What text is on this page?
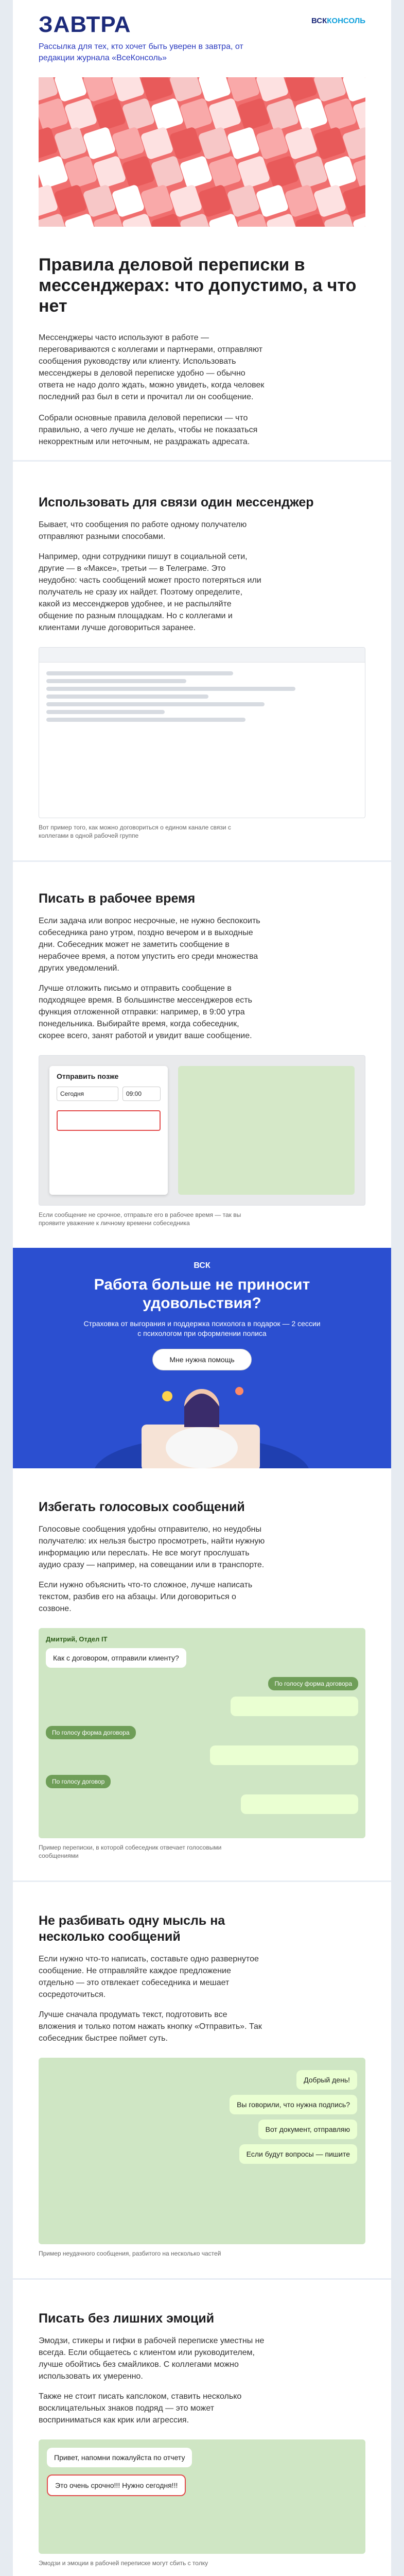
ЗАВТРА	ВСККОНСОЛЬ
Рассылка для тех, кто хочет быть уверен в завтра, от редакции журнала «ВсеКонсоль»
Правила деловой переписки в мессенджерах: что допустимо, а что нет

Мессенджеры часто используют в работе — переговариваются с коллегами и партнерами, отправляют сообщения руководству или клиенту. Использовать мессенджеры в деловой переписке удобно — обычно ответа не надо долго ждать, можно увидеть, когда человек последний раз был в сети и прочитал ли он сообщение.

Собрали основные правила деловой переписки — что правильно, а чего лучше не делать, чтобы не показаться некорректным или неточным, не раздражать адресата.

Использовать для связи один мессенджер

Бывает, что сообщения по работе одному получателю отправляют разными способами.

Например, одни сотрудники пишут в социальной сети, другие — в «Максе», третьи — в Телеграме. Это неудобно: часть сообщений может просто потеряться или получатель не сразу их найдет. Поэтому определите, какой из мессенджеров удобнее, и не распыляйте общение по разным площадкам. Но с коллегами и клиентами лучше договориться заранее.

Вот пример того, как можно договориться о едином канале связи с коллегами в одной рабочей группе

Писать в рабочее время

Если задача или вопрос несрочные, не нужно беспокоить собеседника рано утром, поздно вечером и в выходные дни. Собеседник может не заметить сообщение в нерабочее время, а потом упустить его среди множества других уведомлений.

Лучше отложить письмо и отправить сообщение в подходящее время. В большинстве мессенджеров есть функция отложенной отправки: например, в 9:00 утра понедельника. Выбирайте время, когда собеседник, скорее всего, занят работой и увидит ваше сообщение.

Отправить позже
Сегодня	09:00

Если сообщение не срочное, отправьте его в рабочее время — так вы проявите уважение к личному времени собеседника

ВСК
Работа больше не приносит удовольствия?
Страховка от выгорания и поддержка психолога в подарок — 2 сессии с психологом при оформлении полиса
Мне нужна помощь
Избегать голосовых сообщений

Голосовые сообщения удобны отправителю, но неудобны получателю: их нельзя быстро просмотреть, найти нужную информацию или переслать. Не все могут прослушать аудио сразу — например, на совещании или в транспорте.

Если нужно объяснить что-то сложное, лучше написать текстом, разбив его на абзацы. Или договориться о созвоне.

Дмитрий, Отдел IT
Как с договором, отправили клиенту?
По голосу форма договора
По голосу форма договора
По голосу договор

Пример переписки, в которой собеседник отвечает голосовыми сообщениями

Не разбивать одну мысль на несколько сообщений

Если нужно что-то написать, составьте одно развернутое сообщение. Не отправляйте каждое предложение отдельно — это отвлекает собеседника и мешает сосредоточиться.

Лучше сначала продумать текст, подготовить все вложения и только потом нажать кнопку «Отправить». Так собеседник быстрее поймет суть.

Добрый день!
Вы говорили, что нужна подпись?
Вот документ, отправляю
Если будут вопросы — пишите

Пример неудачного сообщения, разбитого на несколько частей

Писать без лишних эмоций

Эмодзи, стикеры и гифки в рабочей переписке уместны не всегда. Если общаетесь с клиентом или руководителем, лучше обойтись без смайликов. С коллегами можно использовать их умеренно.

Также не стоит писать капслоком, ставить несколько восклицательных знаков подряд — это может восприниматься как крик или агрессия.

Привет, напомни пожалуйста по отчету
Это очень срочно!!! Нужно сегодня!!!

Эмодзи и эмоции в рабочей переписке могут сбить с толку
